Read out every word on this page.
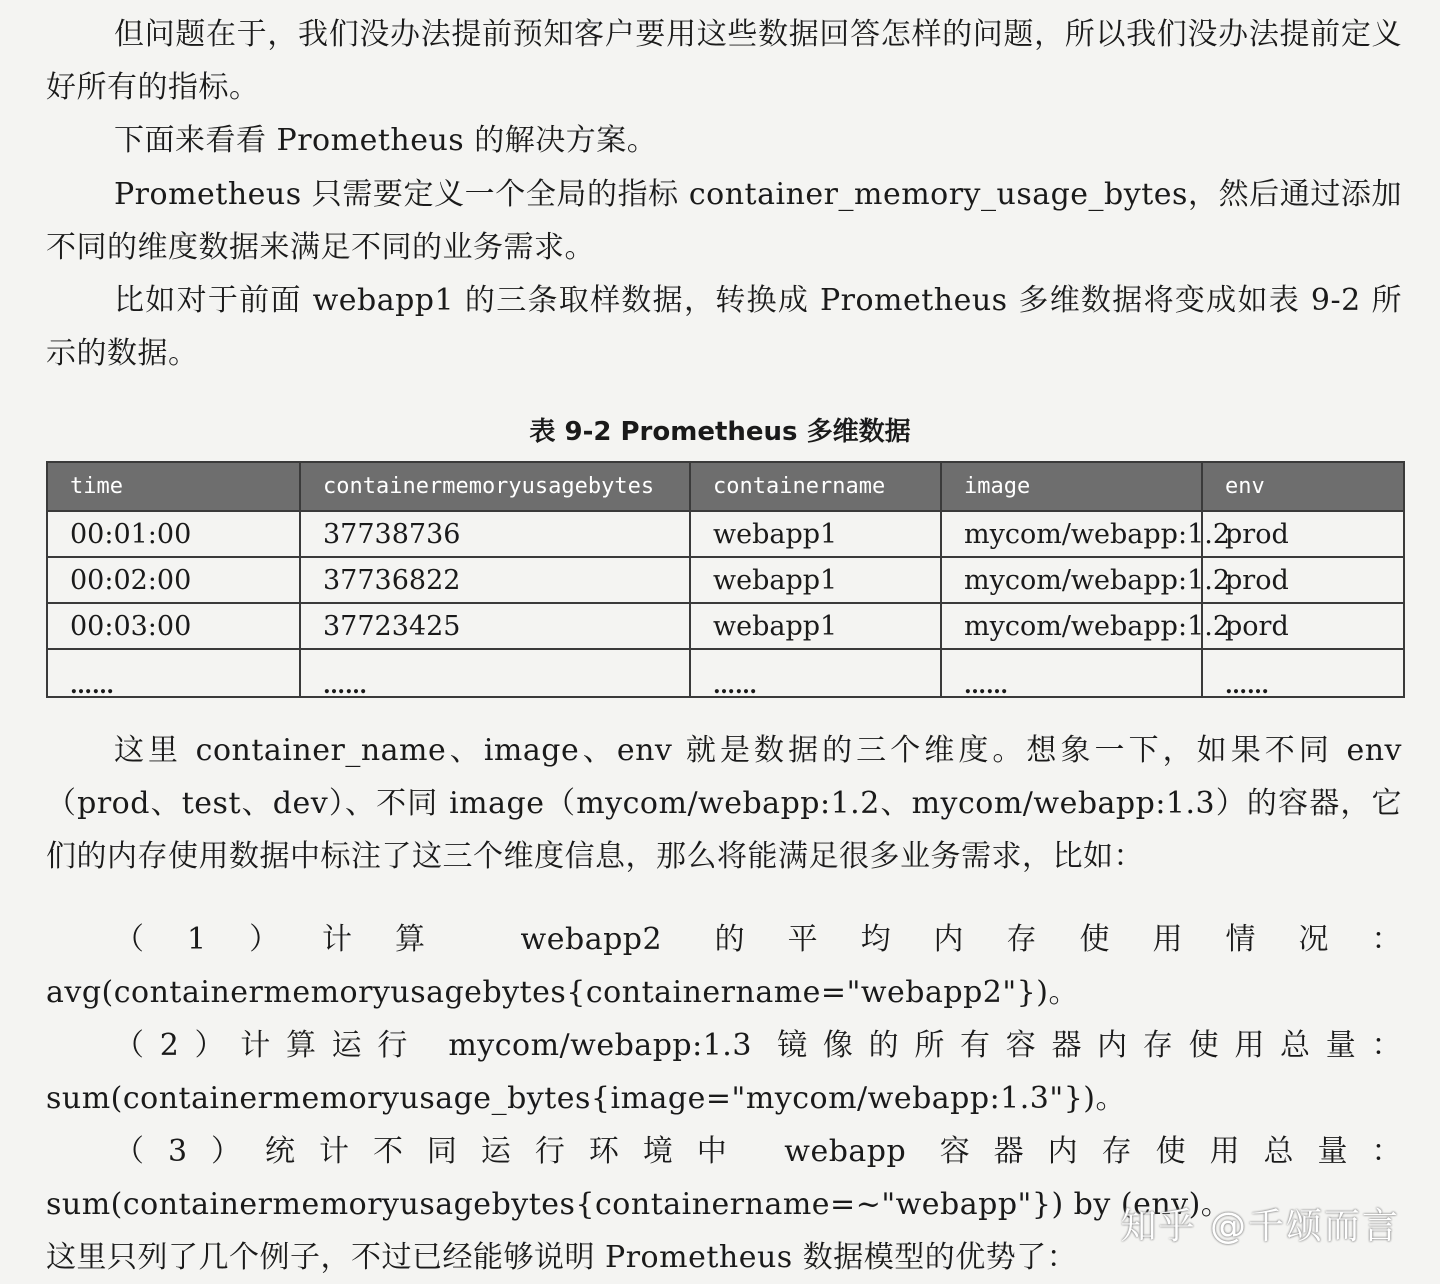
但问题在于，我们没办法提前预知客户要用这些数据回答怎样的问题，所以我们没办法提前定义好所有的指标。
下面来看看 Prometheus 的解决方案。
Prometheus 只需要定义一个全局的指标 container_memory_usage_bytes，然后通过添加不同的维度数据来满足不同的业务需求。
比如对于前面 webapp1 的三条取样数据，转换成 Prometheus 多维数据将变成如表 9-2 所示的数据。
表 9-2 Prometheus 多维数据
time	containermemoryusagebytes	containername	image	env
00:01:00	37738736	webapp1	mycom/webapp:1.2	prod
00:02:00	37736822	webapp1	mycom/webapp:1.2	prod
00:03:00	37723425	webapp1	mycom/webapp:1.2	pord
……	……	……	……	……
这里 container_name、image、env 就是数据的三个维度。想象一下，如果不同 env（prod、test、dev）、不同 image（mycom/webapp:1.2、mycom/webapp:1.3）的容器，它们的内存使用数据中标注了这三个维度信息，那么将能满足很多业务需求，比如：
（1）计算 webapp2 的平均内存使用情况：avg(containermemoryusagebytes{containername="webapp2"})。
（2）计算运行 mycom/webapp:1.3 镜像的所有容器内存使用总量：sum(containermemoryusage_bytes{image="mycom/webapp:1.3"})。
（3）统计不同运行环境中 webapp 容器内存使用总量：sum(containermemoryusagebytes{containername=~"webapp"}) by (env)。
这里只列了几个例子，不过已经能够说明 Prometheus 数据模型的优势了：
知乎 @千颂而言
